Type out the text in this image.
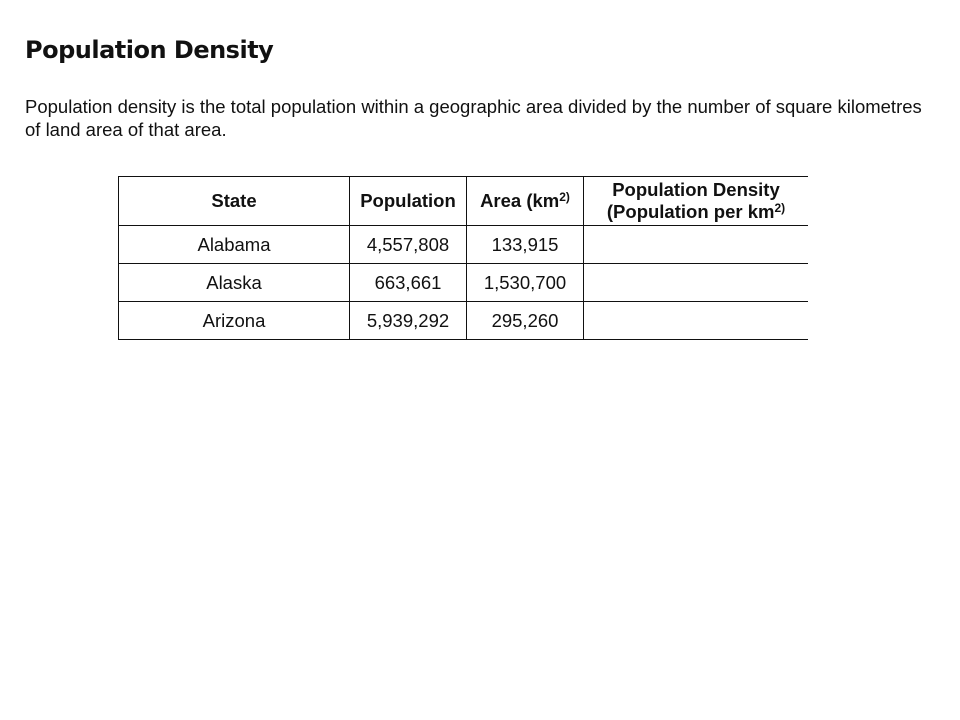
Population Density

Population density is the total population within a geographic area divided by the number of square kilometres of land area of that area.

State	Population	Area ($km^{2)}$	Population Density
(Population per $km^{2)}$

Alabama	4,557,808	133,915	
Alaska	663,661	1,530,700	
Arizona	5,939,292	295,260	
